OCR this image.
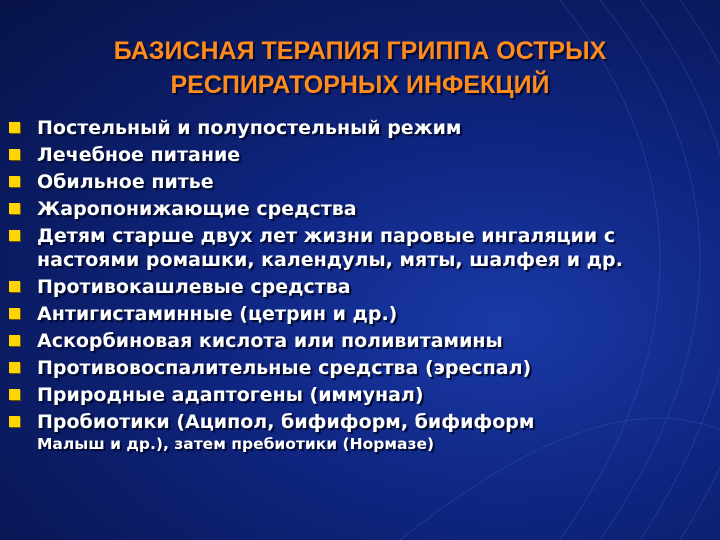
БАЗИСНАЯ ТЕРАПИЯ ГРИППА ОСТРЫХ
РЕСПИРАТОРНЫХ ИНФЕКЦИЙ
Постельный и полупостельный режим
Лечебное питание
Обильное питье
Жаропонижающие средства
Детям старше двух лет жизни паровые ингаляции с настоями ромашки, календулы, мяты, шалфея и др.
Противокашлевые средства
Антигистаминные (цетрин и др.)
Аскорбиновая кислота или поливитамины
Противовоспалительные средства (эреспал)
Природные адаптогены (иммунал)
Пробиотики (Аципол, бифиформ, бифиформ
Малыш и др.), затем пребиотики (Нормазе)
